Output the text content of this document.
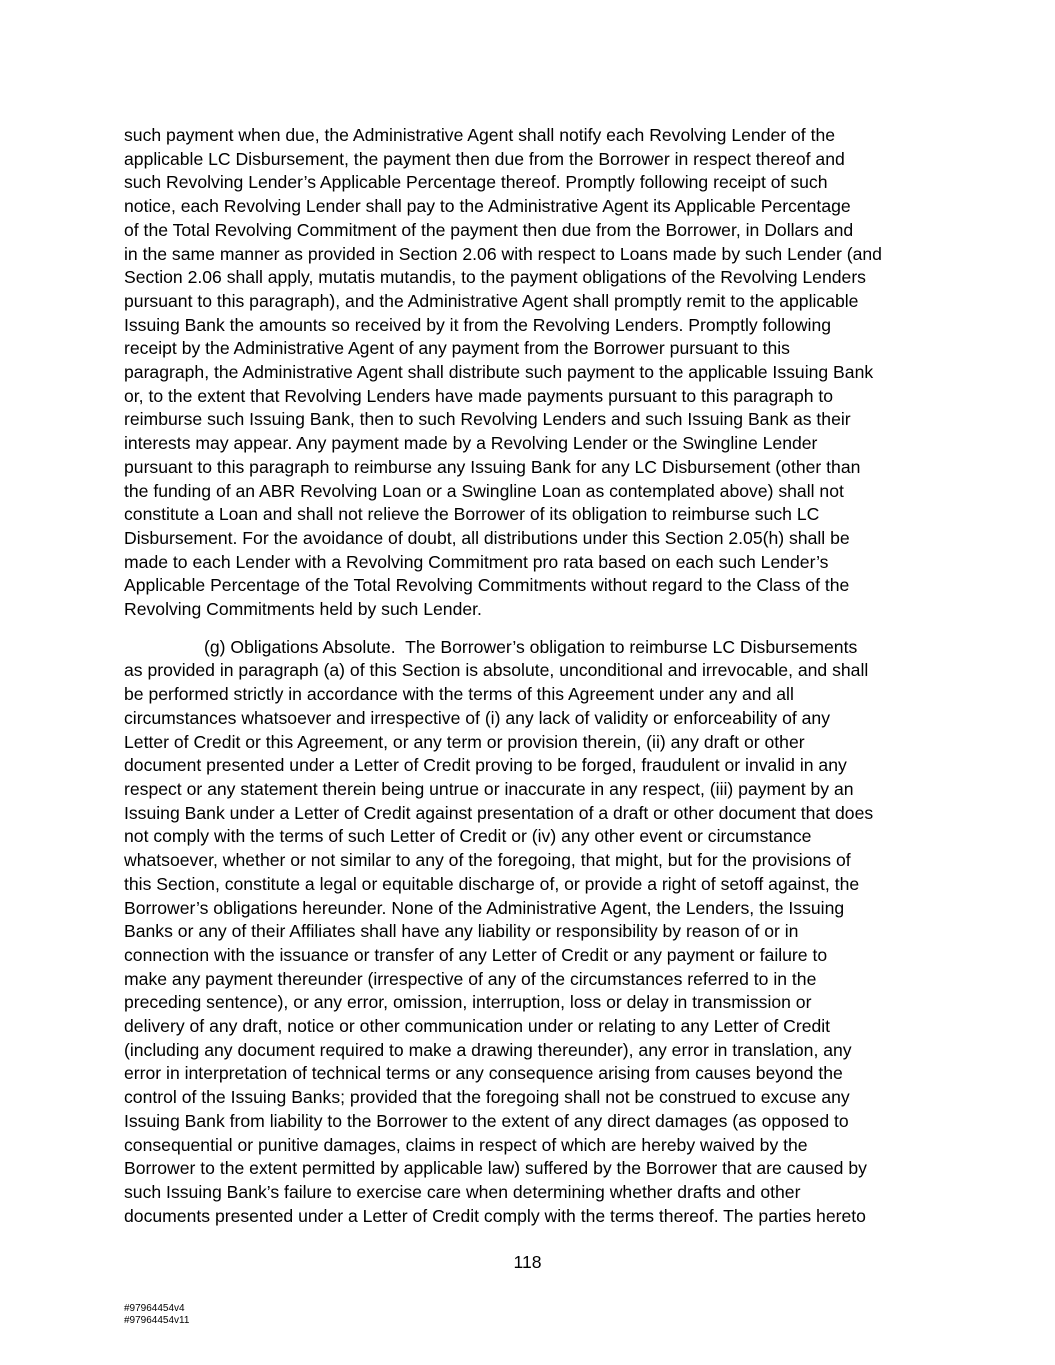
such payment when due, the Administrative Agent shall notify each Revolving Lender of the
applicable LC Disbursement, the payment then due from the Borrower in respect thereof and
such Revolving Lender’s Applicable Percentage thereof. Promptly following receipt of such
notice, each Revolving Lender shall pay to the Administrative Agent its Applicable Percentage
of the Total Revolving Commitment of the payment then due from the Borrower, in Dollars and
in the same manner as provided in Section 2.06 with respect to Loans made by such Lender (and
Section 2.06 shall apply, mutatis mutandis, to the payment obligations of the Revolving Lenders
pursuant to this paragraph), and the Administrative Agent shall promptly remit to the applicable
Issuing Bank the amounts so received by it from the Revolving Lenders. Promptly following
receipt by the Administrative Agent of any payment from the Borrower pursuant to this
paragraph, the Administrative Agent shall distribute such payment to the applicable Issuing Bank
or, to the extent that Revolving Lenders have made payments pursuant to this paragraph to
reimburse such Issuing Bank, then to such Revolving Lenders and such Issuing Bank as their
interests may appear. Any payment made by a Revolving Lender or the Swingline Lender
pursuant to this paragraph to reimburse any Issuing Bank for any LC Disbursement (other than
the funding of an ABR Revolving Loan or a Swingline Loan as contemplated above) shall not
constitute a Loan and shall not relieve the Borrower of its obligation to reimburse such LC
Disbursement. For the avoidance of doubt, all distributions under this Section 2.05(h) shall be
made to each Lender with a Revolving Commitment pro rata based on each such Lender’s
Applicable Percentage of the Total Revolving Commitments without regard to the Class of the
Revolving Commitments held by such Lender.
(g) Obligations Absolute. The Borrower’s obligation to reimburse LC Disbursements
as provided in paragraph (a) of this Section is absolute, unconditional and irrevocable, and shall
be performed strictly in accordance with the terms of this Agreement under any and all
circumstances whatsoever and irrespective of (i) any lack of validity or enforceability of any
Letter of Credit or this Agreement, or any term or provision therein, (ii) any draft or other
document presented under a Letter of Credit proving to be forged, fraudulent or invalid in any
respect or any statement therein being untrue or inaccurate in any respect, (iii) payment by an
Issuing Bank under a Letter of Credit against presentation of a draft or other document that does
not comply with the terms of such Letter of Credit or (iv) any other event or circumstance
whatsoever, whether or not similar to any of the foregoing, that might, but for the provisions of
this Section, constitute a legal or equitable discharge of, or provide a right of setoff against, the
Borrower’s obligations hereunder. None of the Administrative Agent, the Lenders, the Issuing
Banks or any of their Affiliates shall have any liability or responsibility by reason of or in
connection with the issuance or transfer of any Letter of Credit or any payment or failure to
make any payment thereunder (irrespective of any of the circumstances referred to in the
preceding sentence), or any error, omission, interruption, loss or delay in transmission or
delivery of any draft, notice or other communication under or relating to any Letter of Credit
(including any document required to make a drawing thereunder), any error in translation, any
error in interpretation of technical terms or any consequence arising from causes beyond the
control of the Issuing Banks; provided that the foregoing shall not be construed to excuse any
Issuing Bank from liability to the Borrower to the extent of any direct damages (as opposed to
consequential or punitive damages, claims in respect of which are hereby waived by the
Borrower to the extent permitted by applicable law) suffered by the Borrower that are caused by
such Issuing Bank’s failure to exercise care when determining whether drafts and other
documents presented under a Letter of Credit comply with the terms thereof. The parties hereto
118
#97964454v4
#97964454v11
